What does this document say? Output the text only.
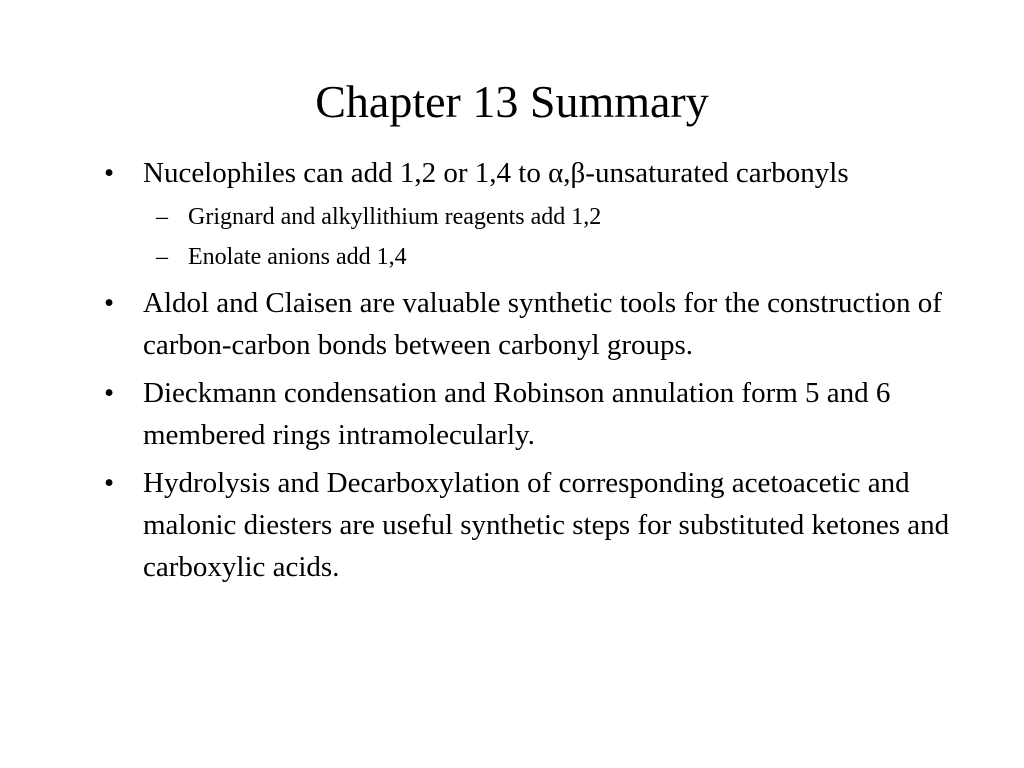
Chapter 13 Summary
• Nucelophiles can add 1,2 or 1,4 to α,β-unsaturated carbonyls
– Grignard and alkyllithium reagents add 1,2
– Enolate anions add 1,4
• Aldol and Claisen are valuable synthetic tools for the construction of carbon-carbon bonds between carbonyl groups.
• Dieckmann condensation and Robinson annulation form 5 and 6 membered rings intramolecularly.
• Hydrolysis and Decarboxylation of corresponding acetoacetic and malonic diesters are useful synthetic steps for substituted ketones and carboxylic acids.
